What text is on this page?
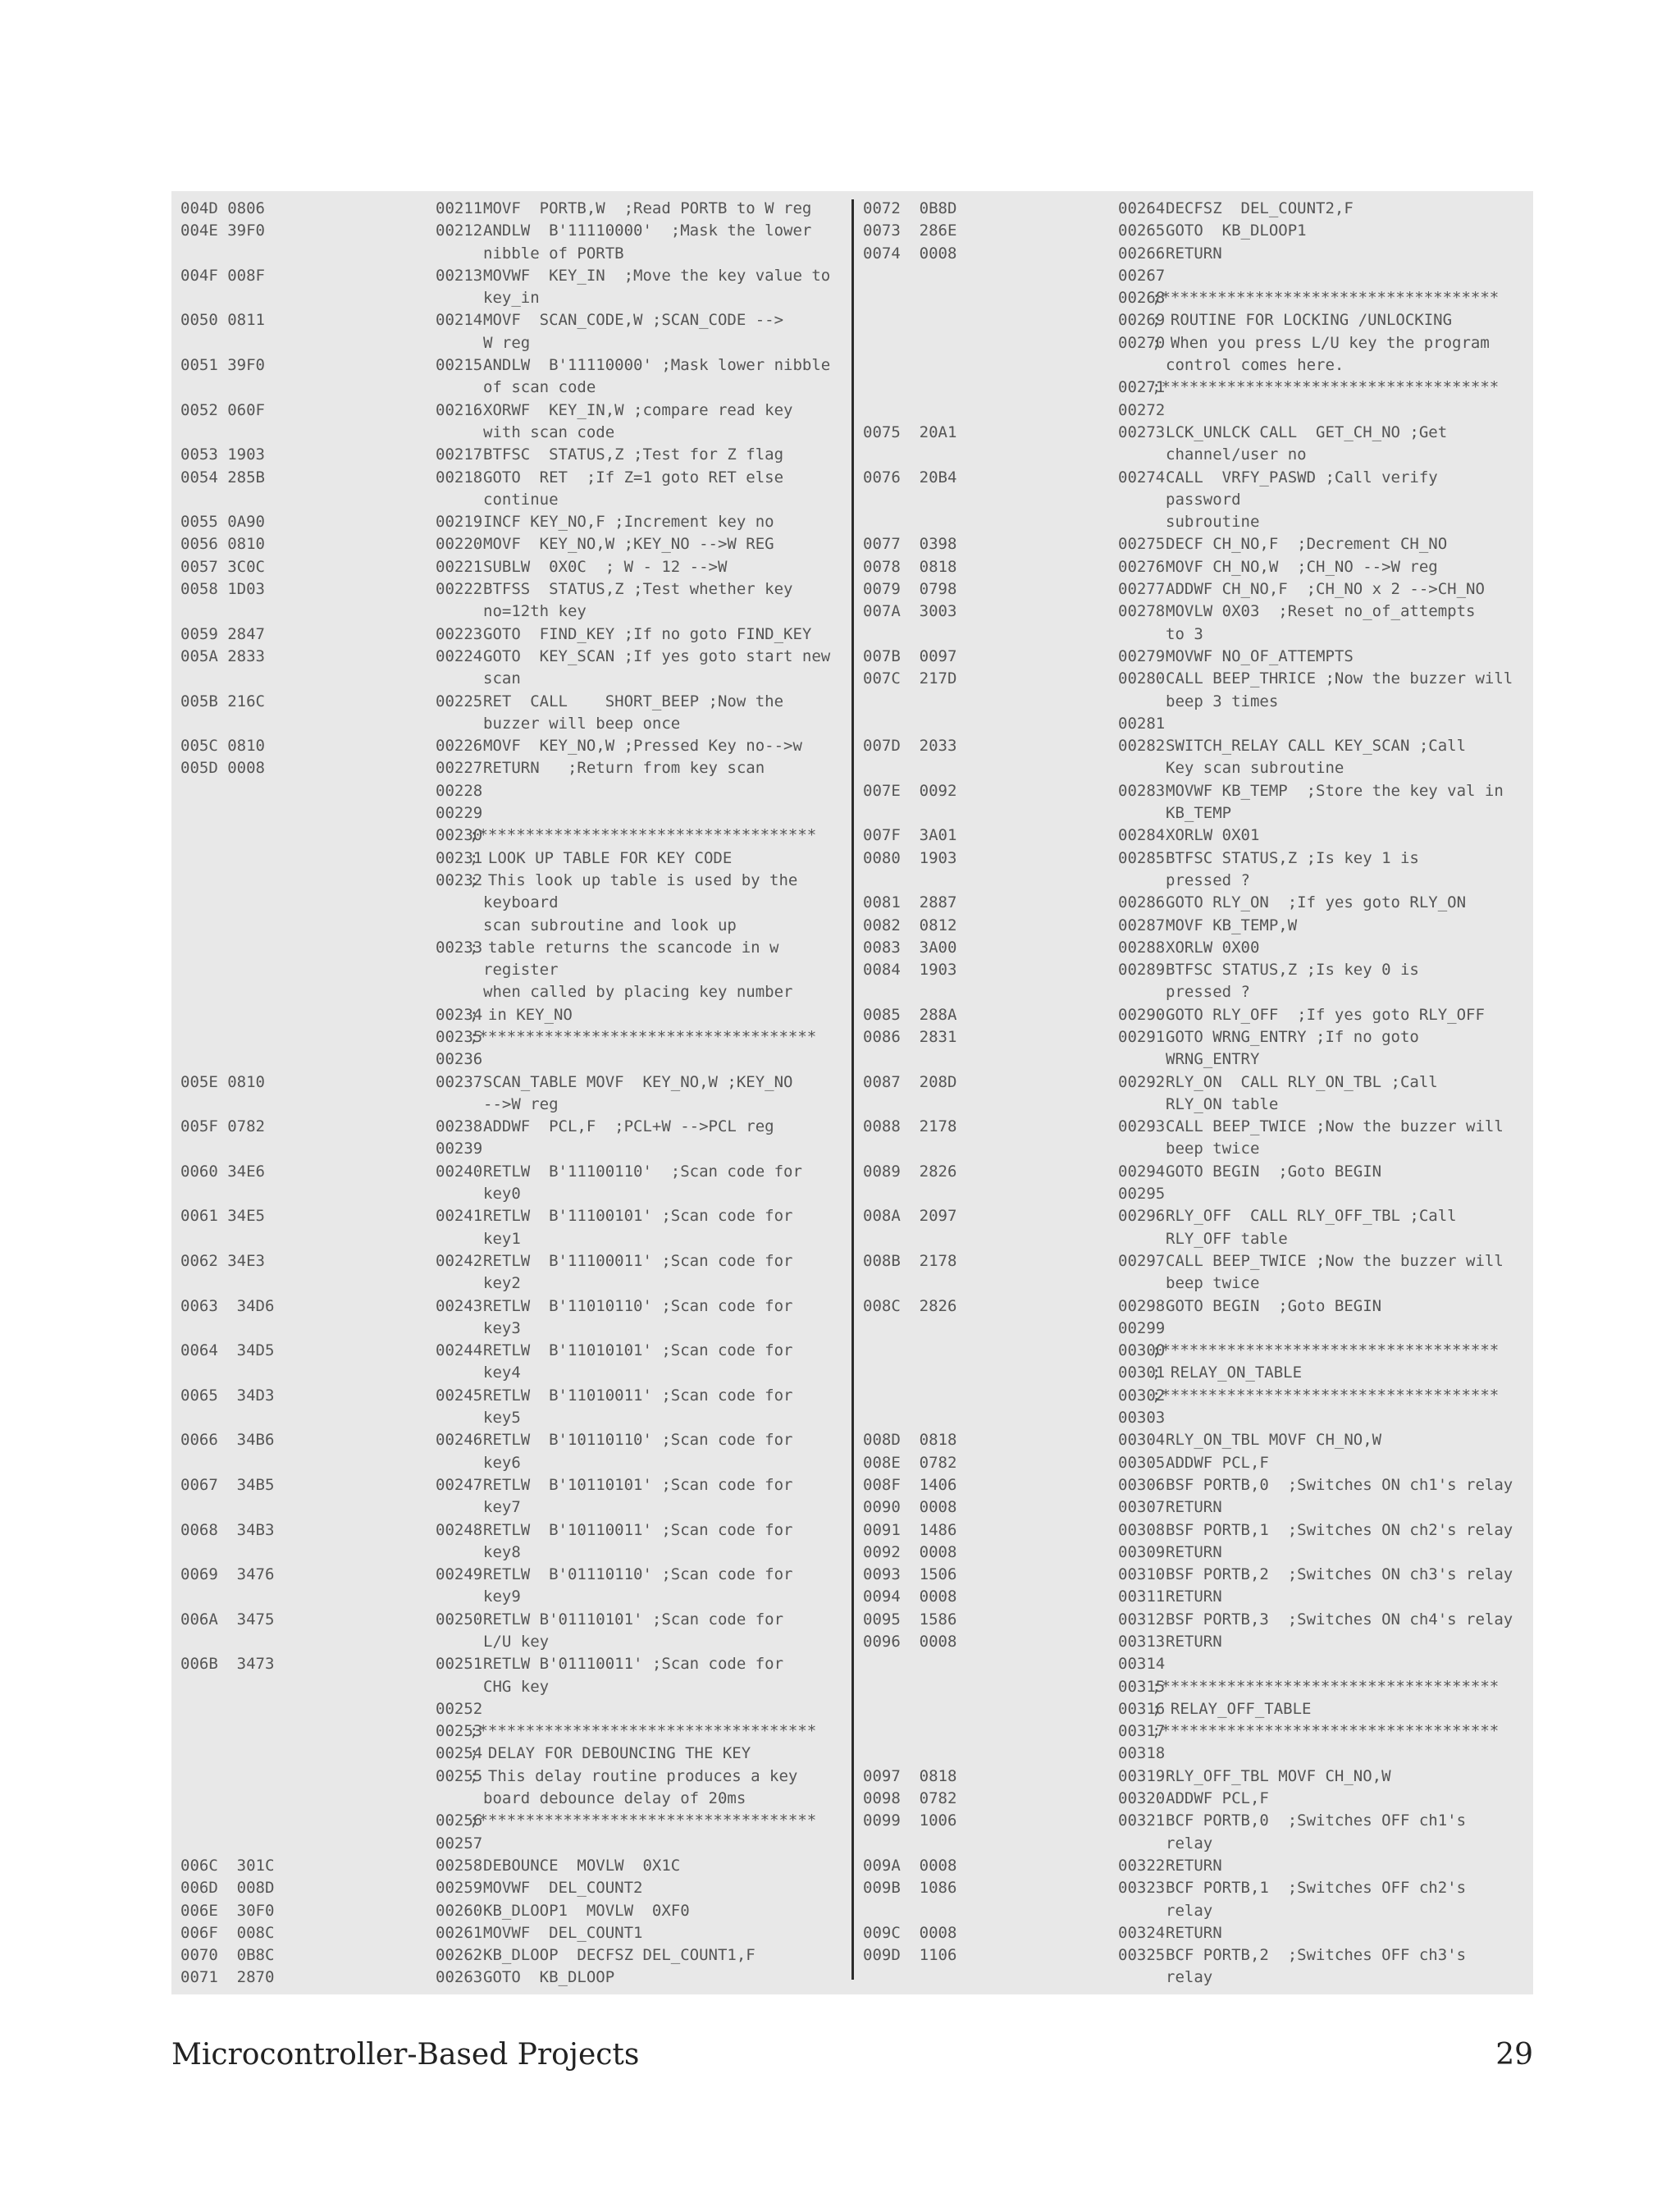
004D 0806	00211 MOVF  PORTB,W  ;Read PORTB to W reg
004E 39F0	00212 ANDLW  B'11110000'  ;Mask the lower
nibble of PORTB
004F 008F	00213 MOVWF  KEY_IN  ;Move the key value to
key_in
0050 0811	00214 MOVF  SCAN_CODE,W ;SCAN_CODE -->
W reg
0051 39F0	00215 ANDLW  B'11110000' ;Mask lower nibble
of scan code
0052 060F	00216 XORWF  KEY_IN,W ;compare read key
with scan code
0053 1903	00217 BTFSC  STATUS,Z ;Test for Z flag
0054 285B	00218 GOTO  RET  ;If Z=1 goto RET else
continue
0055 0A90	00219 INCF KEY_NO,F ;Increment key no
0056 0810	00220 MOVF  KEY_NO,W ;KEY_NO -->W REG
0057 3C0C	00221 SUBLW  0X0C  ; W - 12 -->W
0058 1D03	00222 BTFSS  STATUS,Z ;Test whether key
no=12th key
0059 2847	00223 GOTO  FIND_KEY ;If no goto FIND_KEY
005A 2833	00224 GOTO  KEY_SCAN ;If yes goto start new
scan
005B 216C	00225 RET  CALL    SHORT_BEEP ;Now the
buzzer will beep once
005C 0810	00226 MOVF  KEY_NO,W ;Pressed Key no-->w
005D 0008	00227 RETURN   ;Return from key scan
00228
00229
00230
;************************************
00231
; LOOK UP TABLE FOR KEY CODE
00232
; This look up table is used by the
keyboard
scan subroutine and look up
00233
; table returns the scancode in w
register
when called by placing key number
00234
; in KEY_NO
00235
;************************************
00236
005E 0810	00237 SCAN_TABLE MOVF  KEY_NO,W ;KEY_NO
-->W reg
005F 0782	00238 ADDWF  PCL,F  ;PCL+W -->PCL reg
00239
0060 34E6	00240 RETLW  B'11100110'  ;Scan code for
key0
0061 34E5	00241 RETLW  B'11100101' ;Scan code for
key1
0062 34E3	00242 RETLW  B'11100011' ;Scan code for
key2
0063  34D6	00243 RETLW  B'11010110' ;Scan code for
key3
0064  34D5	00244 RETLW  B'11010101' ;Scan code for
key4
0065  34D3	00245 RETLW  B'11010011' ;Scan code for
key5
0066  34B6	00246 RETLW  B'10110110' ;Scan code for
key6
0067  34B5	00247 RETLW  B'10110101' ;Scan code for
key7
0068  34B3	00248 RETLW  B'10110011' ;Scan code for
key8
0069  3476	00249 RETLW  B'01110110' ;Scan code for
key9
006A  3475	00250 RETLW B'01110101' ;Scan code for
L/U key
006B  3473	00251 RETLW B'01110011' ;Scan code for
CHG key
00252
00253
;************************************
00254
; DELAY FOR DEBOUNCING THE KEY
00255
; This delay routine produces a key
board debounce delay of 20ms
00256
;************************************
00257
006C  301C	00258 DEBOUNCE  MOVLW  0X1C
006D  008D	00259 MOVWF  DEL_COUNT2
006E  30F0	00260 KB_DLOOP1  MOVLW  0XF0
006F  008C	00261 MOVWF  DEL_COUNT1
0070  0B8C	00262 KB_DLOOP  DECFSZ DEL_COUNT1,F
0071  2870	00263 GOTO  KB_DLOOP
0072  0B8D	00264 DECFSZ  DEL_COUNT2,F
0073  286E	00265 GOTO  KB_DLOOP1
0074  0008	00266 RETURN
00267
00268
;************************************
00269
; ROUTINE FOR LOCKING /UNLOCKING
00270
; When you press L/U key the program
control comes here.
00271
;************************************
00272
0075  20A1	00273 LCK_UNLCK CALL  GET_CH_NO ;Get
channel/user no
0076  20B4	00274 CALL  VRFY_PASWD ;Call verify
password
subroutine
0077  0398	00275 DECF CH_NO,F  ;Decrement CH_NO
0078  0818	00276 MOVF CH_NO,W  ;CH_NO -->W reg
0079  0798	00277 ADDWF CH_NO,F  ;CH_NO x 2 -->CH_NO
007A  3003	00278 MOVLW 0X03  ;Reset no_of_attempts
to 3
007B  0097	00279 MOVWF NO_OF_ATTEMPTS
007C  217D	00280 CALL BEEP_THRICE ;Now the buzzer will
beep 3 times
00281
007D  2033	00282 SWITCH_RELAY CALL KEY_SCAN ;Call
Key scan subroutine
007E  0092	00283 MOVWF KB_TEMP  ;Store the key val in
KB_TEMP
007F  3A01	00284 XORLW 0X01
0080  1903	00285 BTFSC STATUS,Z ;Is key 1 is
pressed ?
0081  2887	00286 GOTO RLY_ON  ;If yes goto RLY_ON
0082  0812	00287 MOVF KB_TEMP,W
0083  3A00	00288 XORLW 0X00
0084  1903	00289 BTFSC STATUS,Z ;Is key 0 is
pressed ?
0085  288A	00290 GOTO RLY_OFF  ;If yes goto RLY_OFF
0086  2831	00291 GOTO WRNG_ENTRY ;If no goto
WRNG_ENTRY
0087  208D	00292 RLY_ON  CALL RLY_ON_TBL ;Call
RLY_ON table
0088  2178	00293 CALL BEEP_TWICE ;Now the buzzer will
beep twice
0089  2826	00294 GOTO BEGIN  ;Goto BEGIN
00295
008A  2097	00296 RLY_OFF  CALL RLY_OFF_TBL ;Call
RLY_OFF table
008B  2178	00297 CALL BEEP_TWICE ;Now the buzzer will
beep twice
008C  2826	00298 GOTO BEGIN  ;Goto BEGIN
00299
00300
;************************************
00301
; RELAY_ON_TABLE
00302
;************************************
00303
008D  0818	00304 RLY_ON_TBL MOVF CH_NO,W
008E  0782	00305 ADDWF PCL,F
008F  1406	00306 BSF PORTB,0  ;Switches ON ch1's relay
0090  0008	00307 RETURN
0091  1486	00308 BSF PORTB,1  ;Switches ON ch2's relay
0092  0008	00309 RETURN
0093  1506	00310 BSF PORTB,2  ;Switches ON ch3's relay
0094  0008	00311 RETURN
0095  1586	00312 BSF PORTB,3  ;Switches ON ch4's relay
0096  0008	00313 RETURN
00314
00315
;************************************
00316
; RELAY_OFF_TABLE
00317
;************************************
00318
0097  0818	00319 RLY_OFF_TBL MOVF CH_NO,W
0098  0782	00320 ADDWF PCL,F
0099  1006	00321 BCF PORTB,0  ;Switches OFF ch1's
relay
009A  0008	00322 RETURN
009B  1086	00323 BCF PORTB,1  ;Switches OFF ch2's
relay
009C  0008	00324 RETURN
009D  1106	00325 BCF PORTB,2  ;Switches OFF ch3's
relay
Microcontroller-Based Projects	29
